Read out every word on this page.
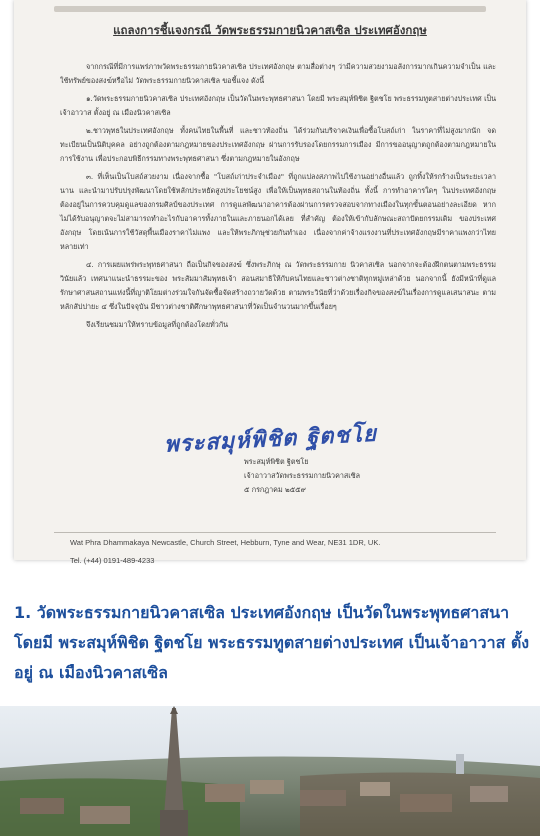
แถลงการชี้แจงกรณี วัดพระธรรมกายนิวคาสเซิล ประเทศอังกฤษ

จากกรณีที่มีการแพร่ภาพวัดพระธรรมกายนิวคาสเซิล ประเทศอังกฤษ ตามสื่อต่างๆ ว่ามีความสวยงามอลังการมากเกินความจำเป็น และใช้ทรัพย์ของสงฆ์หรือไม่ วัดพระธรรมกายนิวคาสเซิล ขอชี้แจง ดังนี้

๑.วัดพระธรรมกายนิวคาสเซิล ประเทศอังกฤษ เป็นวัดในพระพุทธศาสนา โดยมี พระสมุห์พิชิต ฐิตชโย พระธรรมทูตสายต่างประเทศ เป็นเจ้าอาวาส ตั้งอยู่ ณ เมืองนิวคาสเซิล

๒.ชาวพุทธในประเทศอังกฤษ ทั้งคนไทยในพื้นที่ และชาวท้องถิ่น ได้ร่วมกันบริจาคเงินเพื่อซื้อโบสถ์เก่า ในราคาที่ไม่สูงมากนัก จดทะเบียนเป็นนิติบุคคล อย่างถูกต้องตามกฎหมายของประเทศอังกฤษ ผ่านการรับรองโดยกรรมการเมือง มีการขออนุญาตถูกต้องตามกฎหมายในการใช้งาน เพื่อประกอบพิธีกรรมทางพระพุทธศาสนา ซึ่งตามกฎหมายในอังกฤษ

๓. ที่เห็นเป็นโบสถ์สวยงาม เนื่องจากซื้อ "โบสถ์เก่าประจำเมือง" ที่ถูกแปลงสภาพไปใช้งานอย่างอื่นแล้ว ถูกทิ้งให้รกร้างเป็นระยะเวลานาน และนำมาปรับปรุงพัฒนาโดยใช้หลักประหยัดสูงประโยชน์สูง เพื่อให้เป็นพุทธสถานในท้องถิ่น ทั้งนี้ การทำอาคารใดๆ ในประเทศอังกฤษ ต้องอยู่ในการควบคุมดูแลของกรมศิลป์ของประเทศ การดูแลพัฒนาอาคารต้องผ่านการตรวจสอบจากทางเมืองในทุกขั้นตอนอย่างละเอียด หากไม่ได้รับอนุญาตจะไม่สามารถทำอะไรกับอาคารทั้งภายในและภายนอกได้เลย ที่สำคัญ ต้องให้เข้ากับลักษณะสถาปัตยกรรมเดิม ของประเทศอังกฤษ โดยเน้นการใช้วัสดุพื้นเมืองราคาไม่แพง และให้พระภิกษุช่วยกันทำเอง เนื่องจากค่าจ้างแรงงานที่ประเทศอังกฤษมีราคาแพงกว่าไทยหลายเท่า

๔. การเผยแพร่พระพุทธศาสนา ถือเป็นกิจของสงฆ์ ซึ่งพระภิกษุ ณ วัดพระธรรมกาย นิวคาสเซิล นอกจากจะต้องฝึกตนตามพระธรรมวินัยแล้ว เทศนาแนะนำธรรมะของ พระสัมมาสัมพุทธเจ้า สอนสมาธิให้กับคนไทยและชาวต่างชาติทุกหมู่เหล่าด้วย นอกจากนี้ ยังมีหน้าที่ดูแลรักษาศาสนสถานแห่งนี้ที่ญาติโยมต่างร่วมใจกันจัดซื้อจัดสร้างถวายวัดด้วย ตามพระวินัยที่ว่าด้วยเรื่องกิจของสงฆ์ในเรื่องการดูแลเสนาสนะ ตามหลักสัปปายะ ๔ ซึ่งในปัจจุบัน มีชาวต่างชาติศึกษาพุทธศาสนาที่วัดเป็นจำนวนมากขึ้นเรื่อยๆ

จึงเรียนชมมาให้ทราบข้อมูลที่ถูกต้องโดยทั่วกัน

พระสมุห์พิชิต ฐิตชโย
พระสมุห์พิชิต ฐิตชโย
เจ้าอาวาสวัดพระธรรมกายนิวคาสเซิล
๕ กรกฎาคม ๒๕๕๙
Wat Phra Dhammakaya Newcastle, Church Street, Hebburn, Tyne and Wear, NE31 1DR, UK.
Tel. (+44) 0191-489-4233
1. วัดพระธรรมกายนิวคาสเซิล ประเทศอังกฤษ เป็นวัดในพระพุทธศาสนา โดยมี พระสมุห์พิชิต ฐิตชโย พระธรรมทูตสายต่างประเทศ เป็นเจ้าอาวาส ตั้งอยู่ ณ เมืองนิวคาสเซิล
